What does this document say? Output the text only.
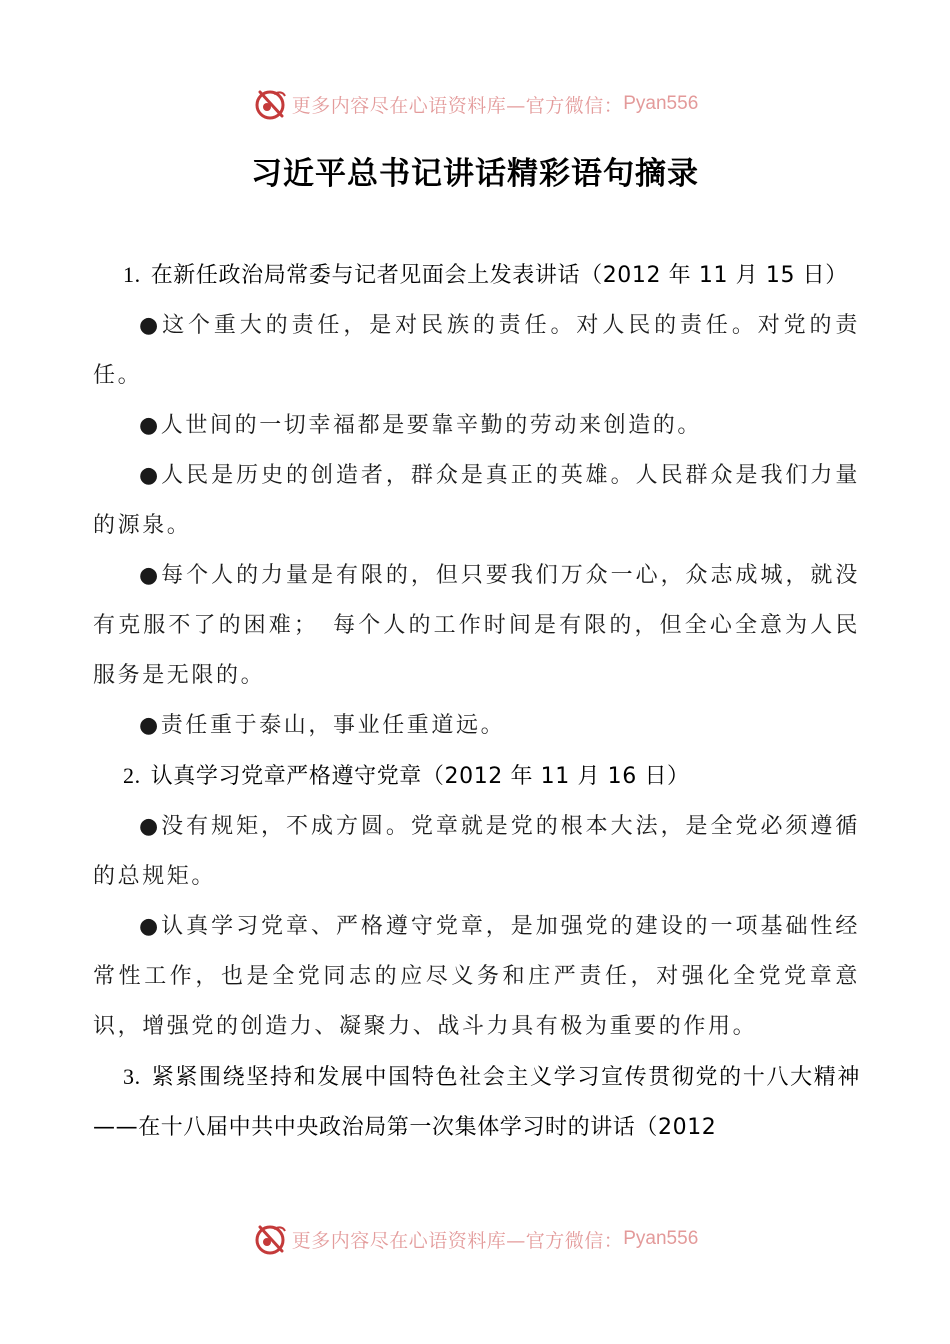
更多内容尽在心语资料库—官方微信： Pyan556
习近平总书记讲话精彩语句摘录

1. 在新任政治局常委与记者见面会上发表讲话（2012 年 11 月 15 日）

●这个重大的责任，是对民族的责任。对人民的责任。对党的责任。

●人世间的一切幸福都是要靠辛勤的劳动来创造的。

●人民是历史的创造者，群众是真正的英雄。人民群众是我们力量的源泉。

●每个人的力量是有限的，但只要我们万众一心，众志成城，就没有克服不了的困难；　每个人的工作时间是有限的，但全心全意为人民服务是无限的。

●责任重于泰山，事业任重道远。

2. 认真学习党章严格遵守党章（2012 年 11 月 16 日）

●没有规矩，不成方圆。党章就是党的根本大法，是全党必须遵循的总规矩。

●认真学习党章、严格遵守党章，是加强党的建设的一项基础性经常性工作，也是全党同志的应尽义务和庄严责任，对强化全党党章意识，增强党的创造力、凝聚力、战斗力具有极为重要的作用。

3. 紧紧围绕坚持和发展中国特色社会主义学习宣传贯彻党的十八大精神——在十八届中共中央政治局第一次集体学习时的讲话（2012

更多内容尽在心语资料库—官方微信： Pyan556
